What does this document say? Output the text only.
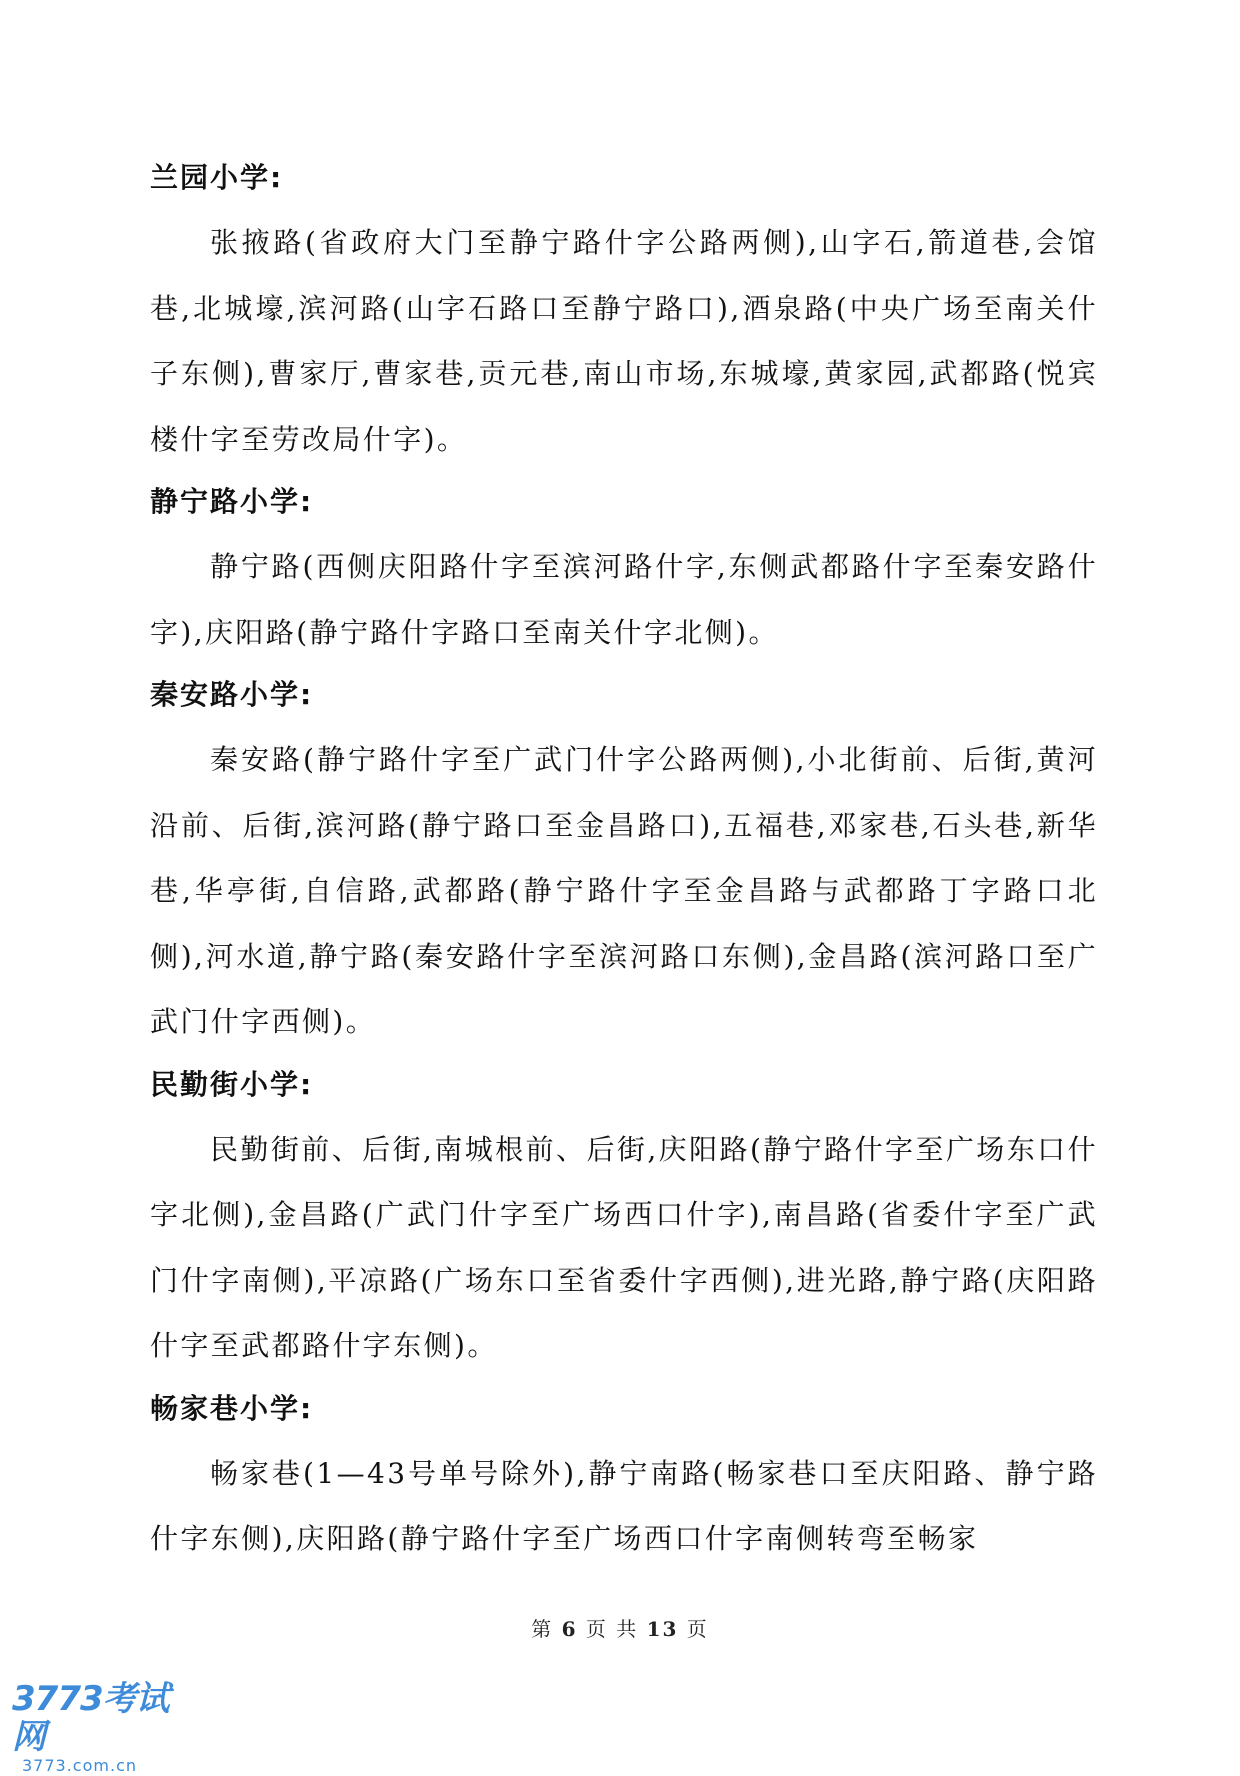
兰园小学:

张掖路(省政府大门至静宁路什字公路两侧),山字石,箭道巷,会馆巷,北城壕,滨河路(山字石路口至静宁路口),酒泉路(中央广场至南关什子东侧),曹家厅,曹家巷,贡元巷,南山市场,东城壕,黄家园,武都路(悦宾楼什字至劳改局什字)。

静宁路小学:

静宁路(西侧庆阳路什字至滨河路什字,东侧武都路什字至秦安路什字),庆阳路(静宁路什字路口至南关什字北侧)。

秦安路小学:

秦安路(静宁路什字至广武门什字公路两侧),小北街前、后街,黄河沿前、后街,滨河路(静宁路口至金昌路口),五福巷,邓家巷,石头巷,新华巷,华亭街,自信路,武都路(静宁路什字至金昌路与武都路丁字路口北侧),河水道,静宁路(秦安路什字至滨河路口东侧),金昌路(滨河路口至广武门什字西侧)。

民勤街小学:

民勤街前、后街,南城根前、后街,庆阳路(静宁路什字至广场东口什字北侧),金昌路(广武门什字至广场西口什字),南昌路(省委什字至广武门什字南侧),平凉路(广场东口至省委什字西侧),进光路,静宁路(庆阳路什字至武都路什字东侧)。

畅家巷小学:

畅家巷(1—43号单号除外),静宁南路(畅家巷口至庆阳路、静宁路什字东侧),庆阳路(静宁路什字至广场西口什字南侧转弯至畅家

第 6 页 共 13 页
3773考试网
3773.com.cn
